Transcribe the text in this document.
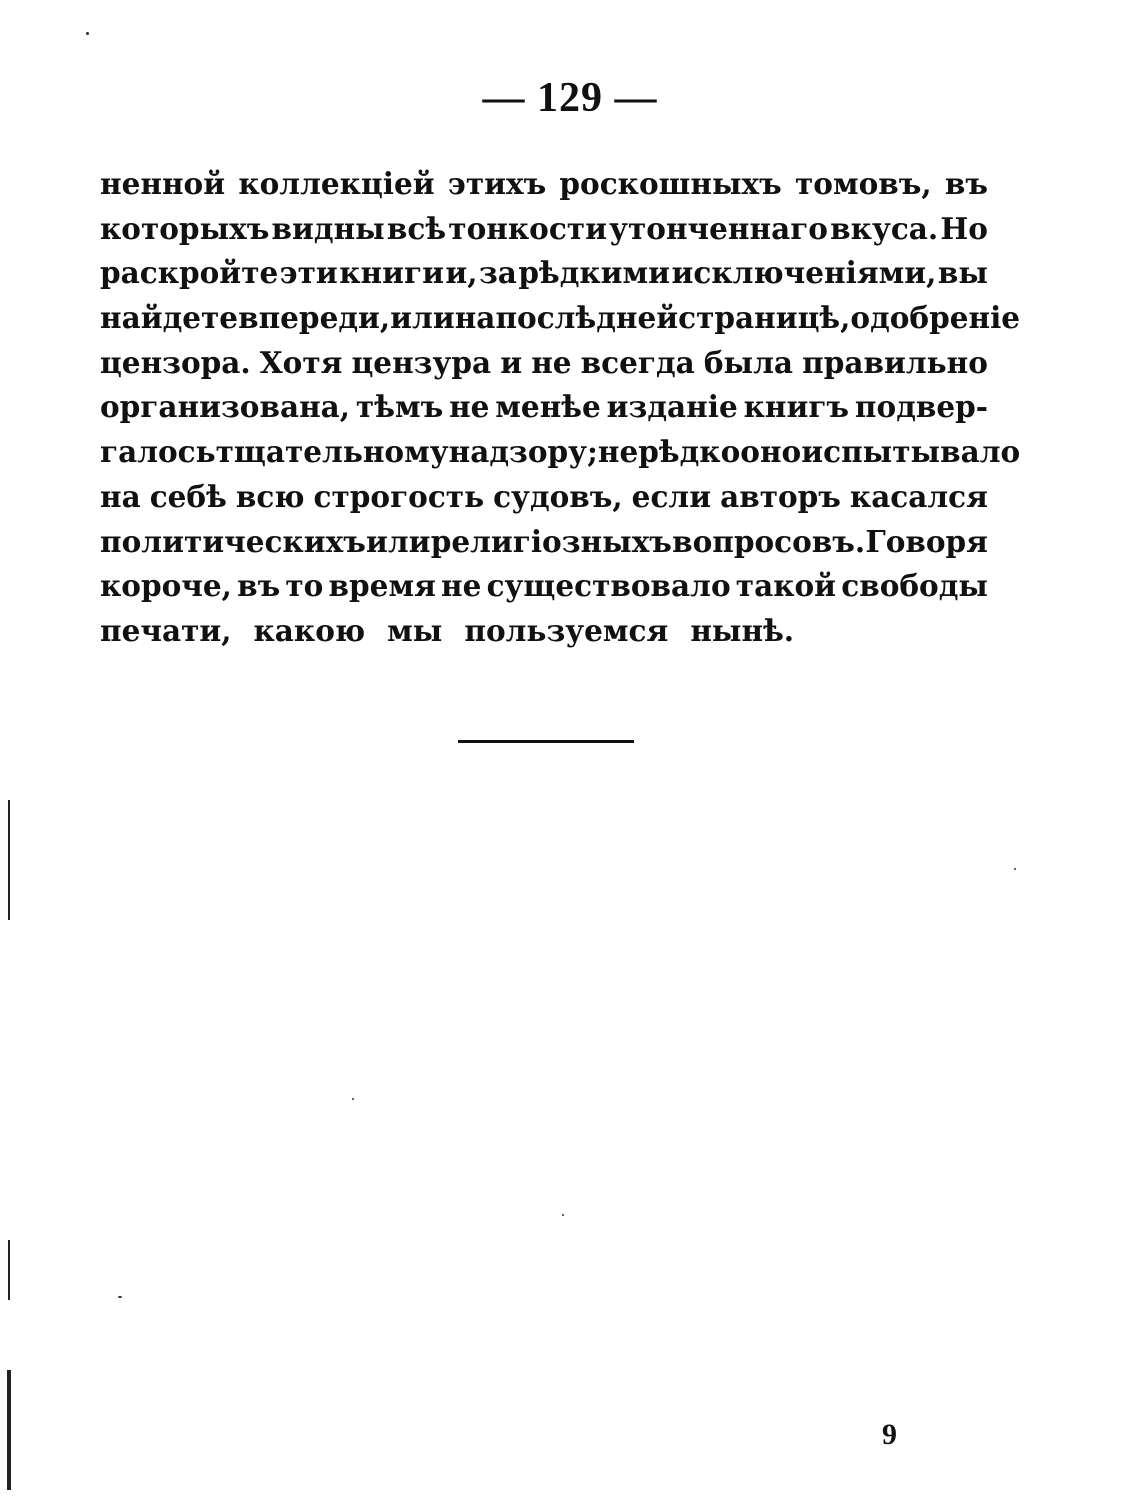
— 129 —
ненной коллекціей этихъ роскошныхъ томовъ, въ
которыхъ видны всѣ тонкости утонченнаго вкуса. Но
раскройте эти книги и, за рѣдкими исключеніями, вы
найдете впереди, или на послѣдней страницѣ, одобреніе
цензора. Хотя цензура и не всегда была правильно
организована, тѣмъ не менѣе изданіе книгъ подвер-
галось тщательному надзору; нерѣдко оно испытывало
на себѣ всю строгость судовъ, если авторъ касался
политическихъ или религіозныхъ вопросовъ. Говоря
короче, въ то время не существовало такой свободы
печати, какою мы пользуемся нынѣ.
9
